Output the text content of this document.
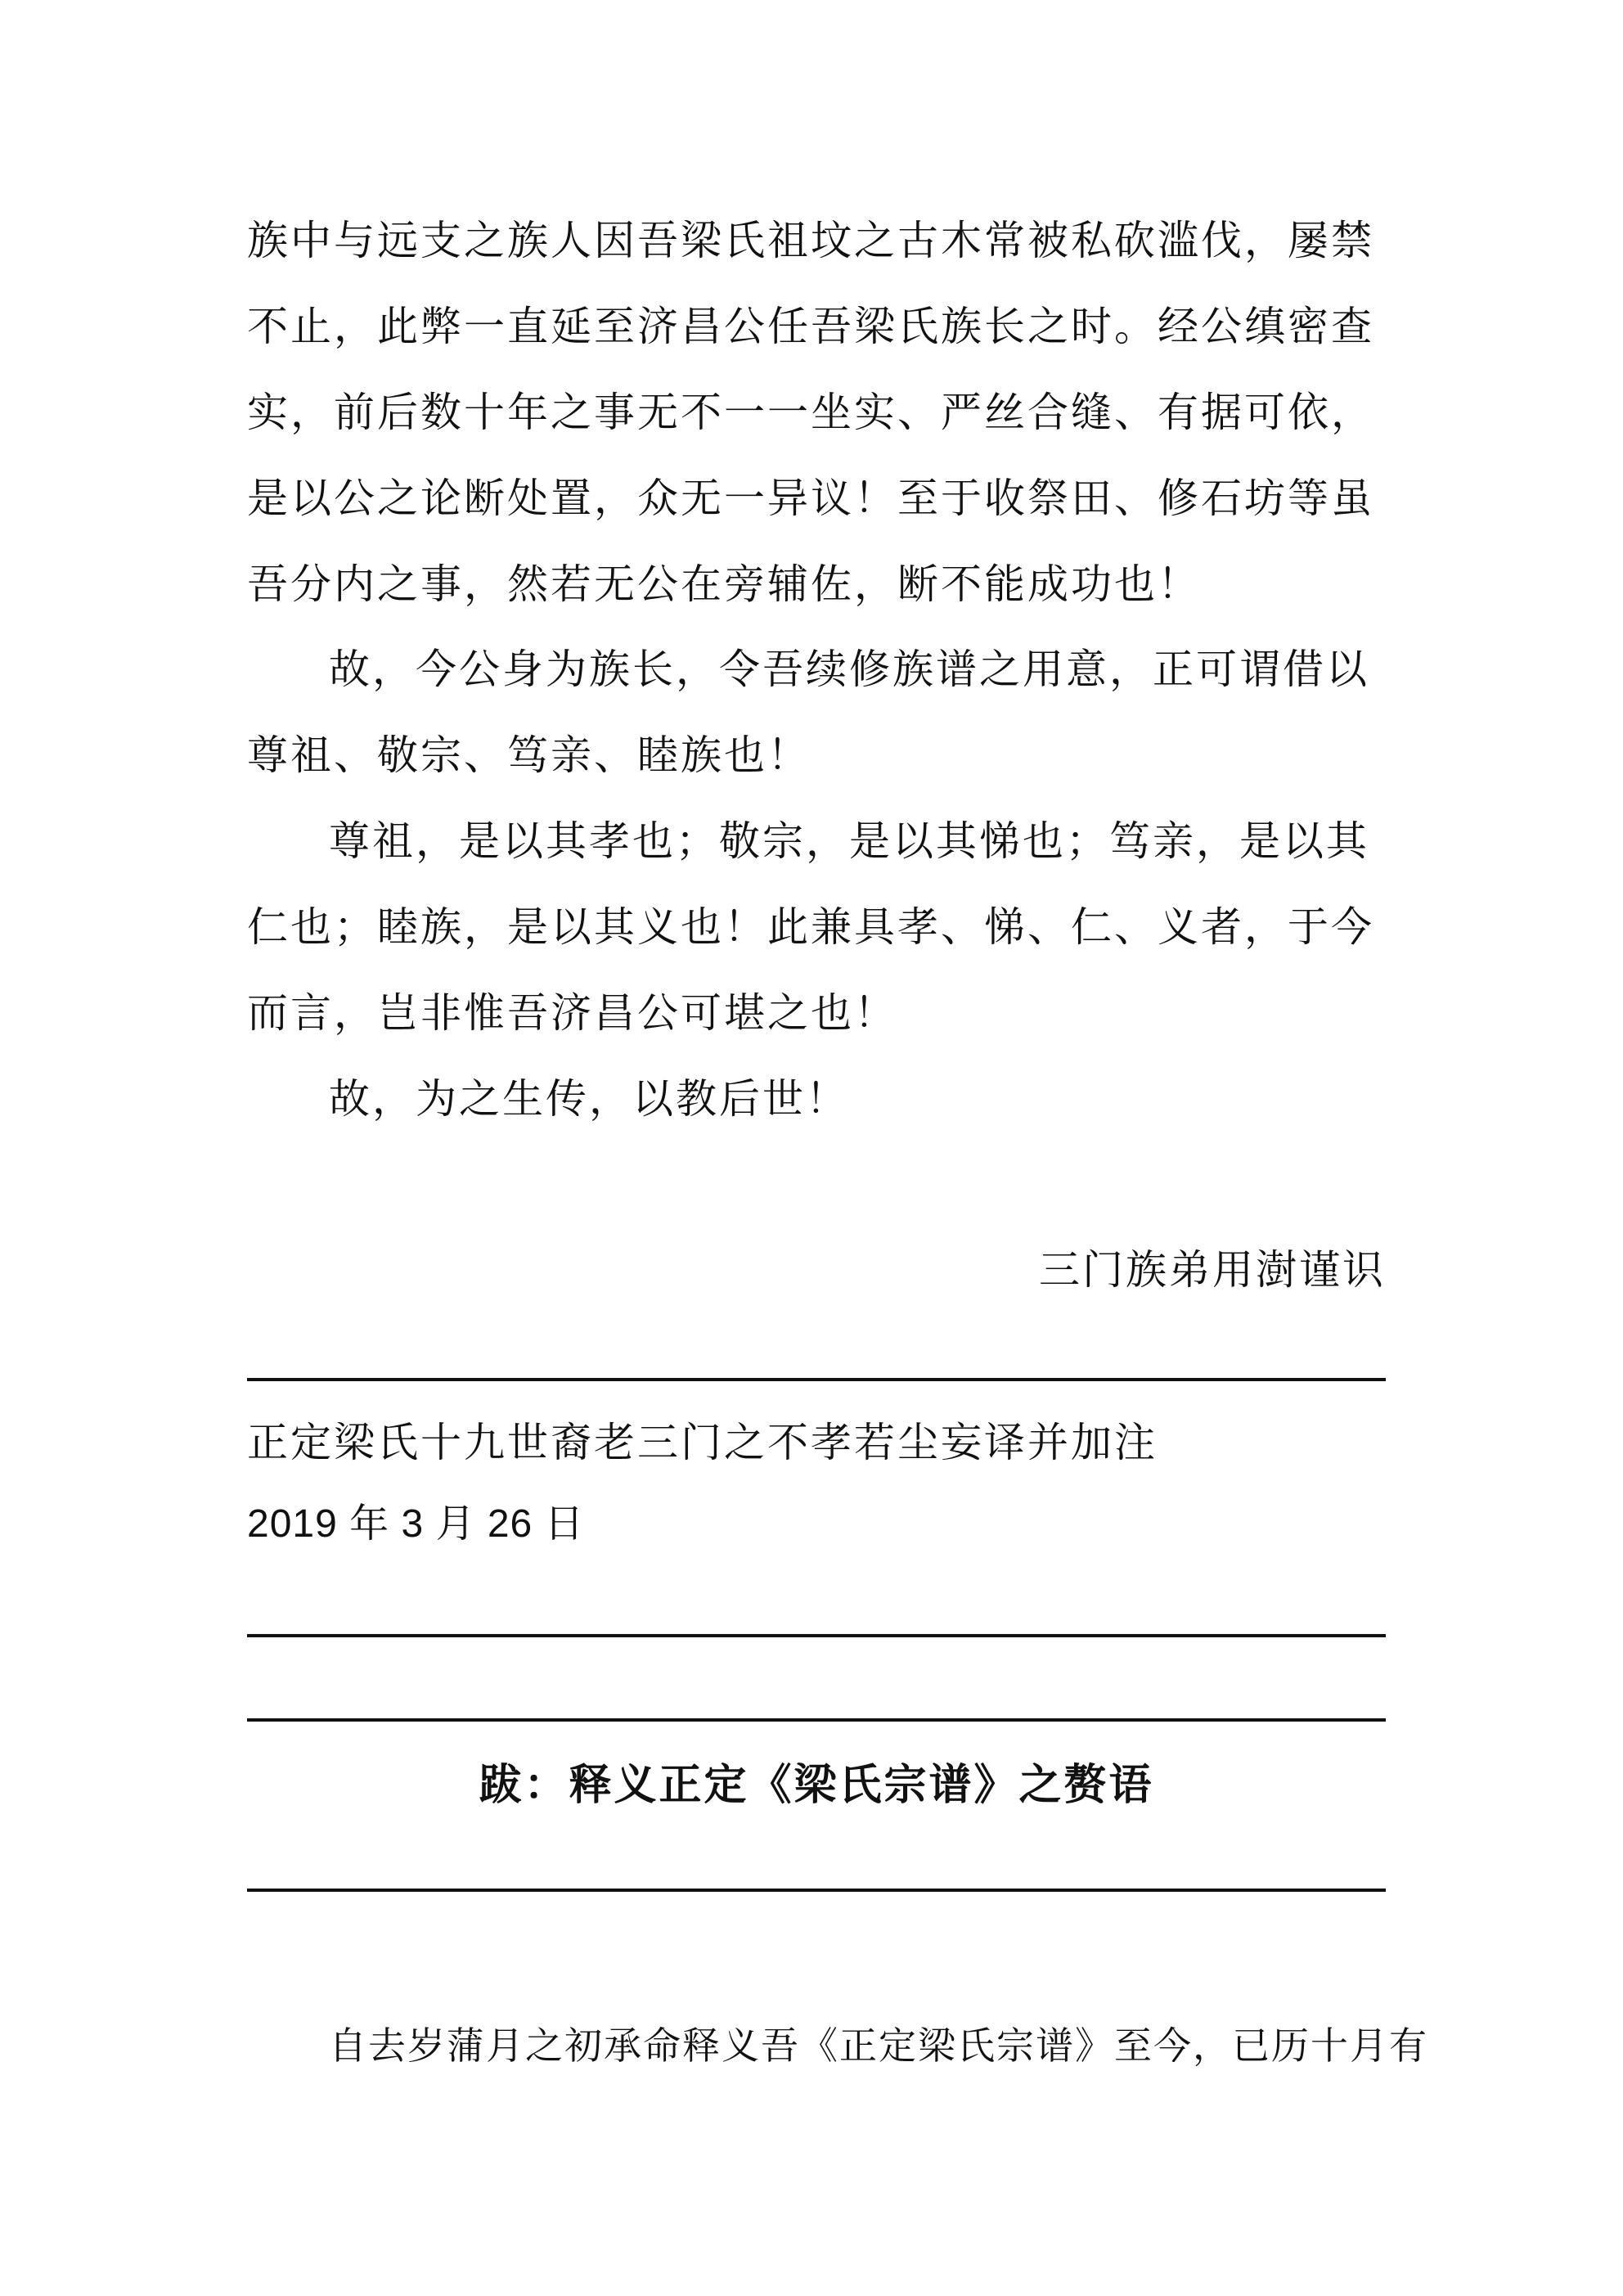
族中与远支之族人因吾梁氏祖坟之古木常被私砍滥伐，屡禁
不止，此弊一直延至济昌公任吾梁氏族长之时。经公缜密查
实，前后数十年之事无不一一坐实、严丝合缝、有据可依，
是以公之论断处置，众无一异议！至于收祭田、修石坊等虽
吾分内之事，然若无公在旁辅佐，断不能成功也！
故，今公身为族长，令吾续修族谱之用意，正可谓借以
尊祖、敬宗、笃亲、睦族也！
尊祖，是以其孝也；敬宗，是以其悌也；笃亲，是以其
仁也；睦族，是以其义也！此兼具孝、悌、仁、义者，于今
而言，岂非惟吾济昌公可堪之也！
故，为之生传，以教后世！
三门族弟用澍谨识
正定梁氏十九世裔老三门之不孝若尘妄译并加注
2019 年 3 月 26 日
跋：释义正定《梁氏宗谱》之赘语
自去岁蒲月之初承命释义吾《正定梁氏宗谱》至今，已历十月有
